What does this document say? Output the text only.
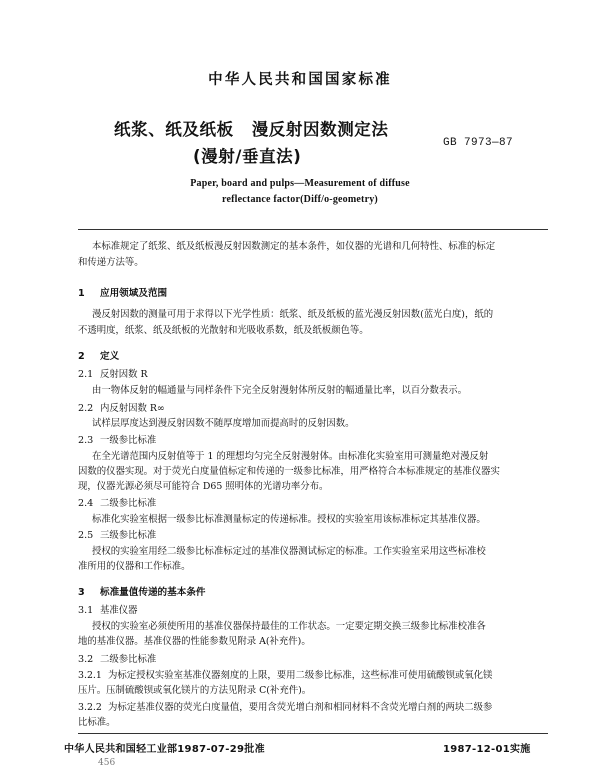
中华人民共和国国家标准
纸浆、纸及纸板 漫反射因数测定法
(漫射/垂直法)
GB 7973—87
Paper, board and pulps—Measurement of diffuse
reflectance factor(Diff/o-geometry)
本标准规定了纸浆、纸及纸板漫反射因数测定的基本条件，如仪器的光谱和几何特性、标准的标定
和传递方法等。
1 应用领域及范围
漫反射因数的测量可用于求得以下光学性质：纸浆、纸及纸板的蓝光漫反射因数(蓝光白度)，纸的
不透明度，纸浆、纸及纸板的光散射和光吸收系数，纸及纸板颜色等。
2 定义
2.1 反射因数 R
由一物体反射的幅通量与同样条件下完全反射漫射体所反射的幅通量比率，以百分数表示。
2.2 内反射因数 R∞
试样层厚度达到漫反射因数不随厚度增加而提高时的反射因数。
2.3 一级参比标准
在全光谱范围内反射值等于 1 的理想均匀完全反射漫射体。由标准化实验室用可测量绝对漫反射
因数的仪器实现。对于荧光白度量值标定和传递的一级参比标准，用严格符合本标准规定的基准仪器实
现，仪器光源必须尽可能符合 D65 照明体的光谱功率分布。
2.4 二级参比标准
标准化实验室根据一级参比标准测量标定的传递标准。授权的实验室用该标准标定其基准仪器。
2.5 三级参比标准
授权的实验室用经二级参比标准标定过的基准仪器测试标定的标准。工作实验室采用这些标准校
准所用的仪器和工作标准。
3 标准量值传递的基本条件
3.1 基准仪器
授权的实验室必须使所用的基准仪器保持最佳的工作状态。一定要定期交换三级参比标准校准各
地的基准仪器。基准仪器的性能参数见附录 A(补充件)。
3.2 二级参比标准
3.2.1 为标定授权实验室基准仪器刻度的上限，要用二级参比标准，这些标准可使用硫酸钡或氧化镁
压片。压制硫酸钡或氧化镁片的方法见附录 C(补充件)。
3.2.2 为标定基准仪器的荧光白度量值，要用含荧光增白剂和相同材料不含荧光增白剂的两块二级参
比标准。
中华人民共和国轻工业部1987-07-29批准	1987-12-01实施
456
